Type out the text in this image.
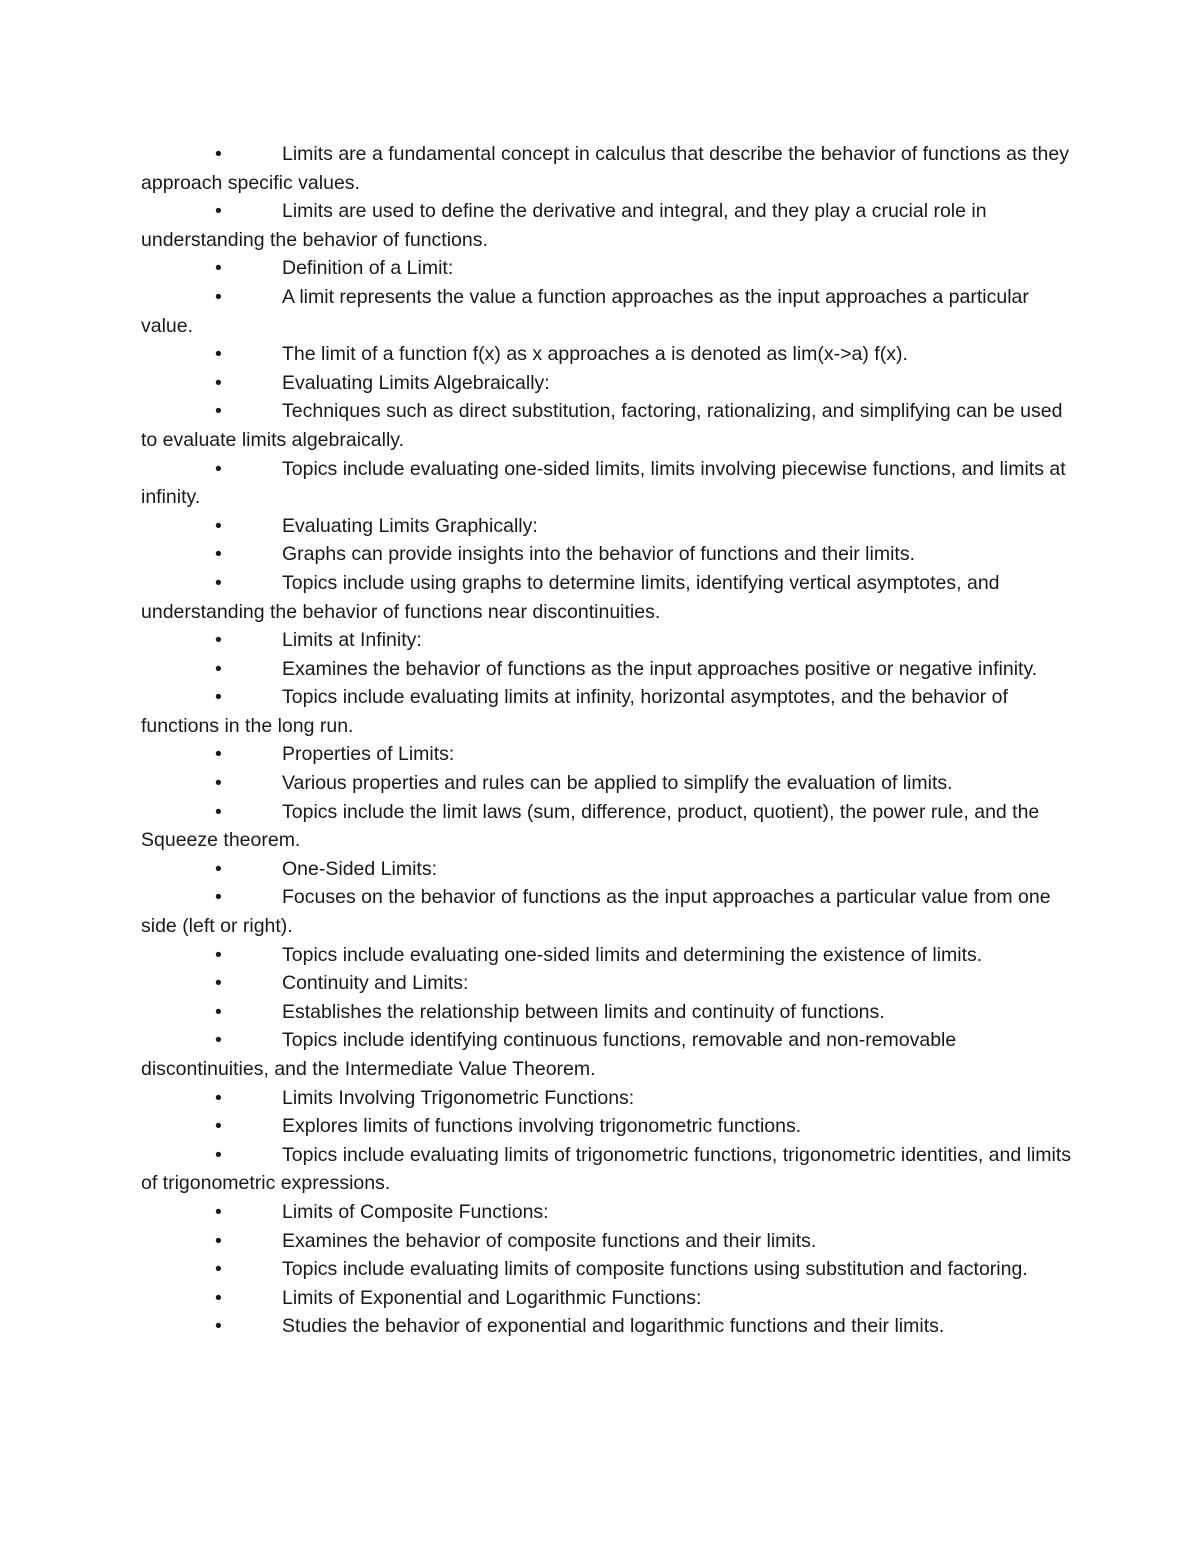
•	Limits are a fundamental concept in calculus that describe the behavior of functions as they approach specific values.

•	Limits are used to define the derivative and integral, and they play a crucial role in understanding the behavior of functions.

•	Definition of a Limit:

•	A limit represents the value a function approaches as the input approaches a particular value.

•	The limit of a function f(x) as x approaches a is denoted as lim(x->a) f(x).

•	Evaluating Limits Algebraically:

•	Techniques such as direct substitution, factoring, rationalizing, and simplifying can be used to evaluate limits algebraically.

•	Topics include evaluating one-sided limits, limits involving piecewise functions, and limits at infinity.

•	Evaluating Limits Graphically:

•	Graphs can provide insights into the behavior of functions and their limits.

•	Topics include using graphs to determine limits, identifying vertical asymptotes, and understanding the behavior of functions near discontinuities.

•	Limits at Infinity:

•	Examines the behavior of functions as the input approaches positive or negative infinity.

•	Topics include evaluating limits at infinity, horizontal asymptotes, and the behavior of functions in the long run.

•	Properties of Limits:

•	Various properties and rules can be applied to simplify the evaluation of limits.

•	Topics include the limit laws (sum, difference, product, quotient), the power rule, and the Squeeze theorem.

•	One-Sided Limits:

•	Focuses on the behavior of functions as the input approaches a particular value from one side (left or right).

•	Topics include evaluating one-sided limits and determining the existence of limits.

•	Continuity and Limits:

•	Establishes the relationship between limits and continuity of functions.

•	Topics include identifying continuous functions, removable and non-removable discontinuities, and the Intermediate Value Theorem.

•	Limits Involving Trigonometric Functions:

•	Explores limits of functions involving trigonometric functions.

•	Topics include evaluating limits of trigonometric functions, trigonometric identities, and limits of trigonometric expressions.

•	Limits of Composite Functions:

•	Examines the behavior of composite functions and their limits.

•	Topics include evaluating limits of composite functions using substitution and factoring.

•	Limits of Exponential and Logarithmic Functions:

•	Studies the behavior of exponential and logarithmic functions and their limits.
